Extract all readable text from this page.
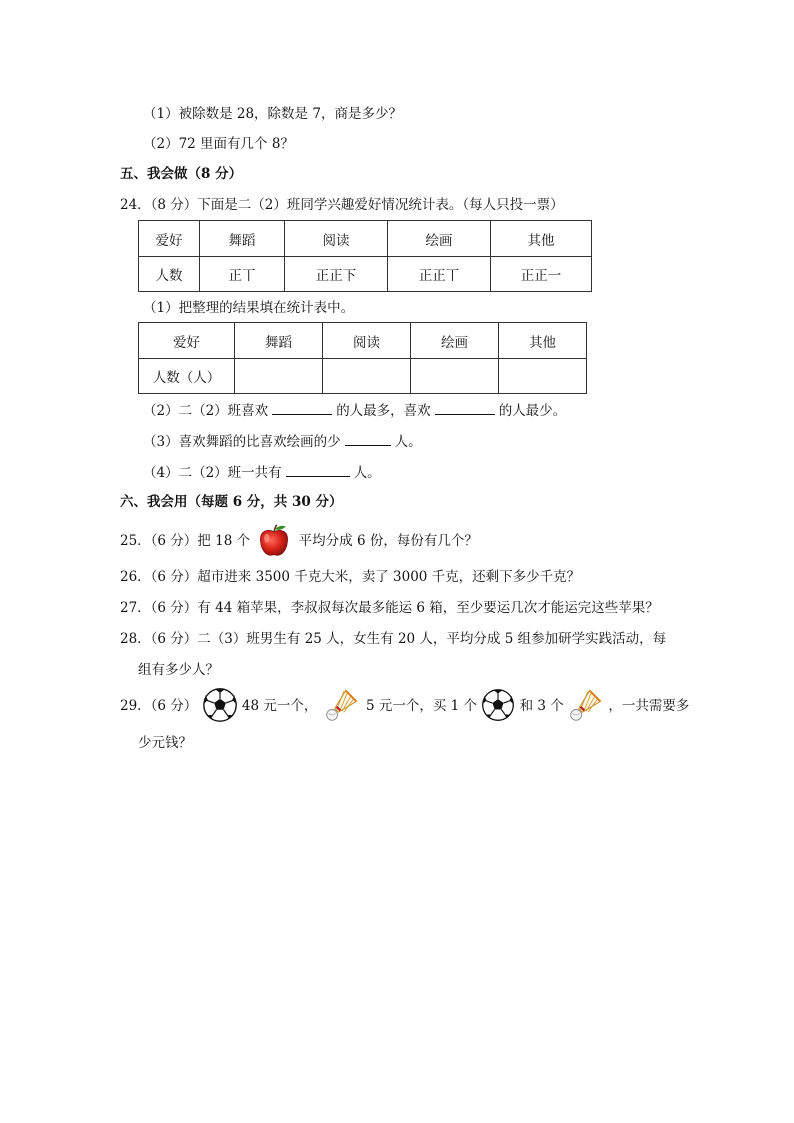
（1）被除数是 28，除数是 7，商是多少？
（2）72 里面有几个 8？
五、我会做（8 分）
24．（8 分）下面是二（2）班同学兴趣爱好情况统计表。（每人只投一票）
爱好	舞蹈	阅读	绘画	其他
人数	正丅	正正下	正正丅	正正一
（1）把整理的结果填在统计表中。
爱好	舞蹈	阅读	绘画	其他
人数（人）				
（2）二（2）班喜欢	的人最多，喜欢	的人最少。
（3）喜欢舞蹈的比喜欢绘画的少	人。
（4）二（2）班一共有	人。
六、我会用（每题 6 分，共 30 分）
25．（6 分）把 18 个	平均分成 6 份，每份有几个？
26．（6 分）超市进来 3500 千克大米，卖了 3000 千克，还剩下多少千克？
27．（6 分）有 44 箱苹果，李叔叔每次最多能运 6 箱，至少要运几次才能运完这些苹果？
28．（6 分）二（3）班男生有 25 人，女生有 20 人，平均分成 5 组参加研学实践活动，每
组有多少人？
29．（6 分）	48 元一个，	5 元一个，买 1 个	和 3 个	，一共需要多
少元钱？
